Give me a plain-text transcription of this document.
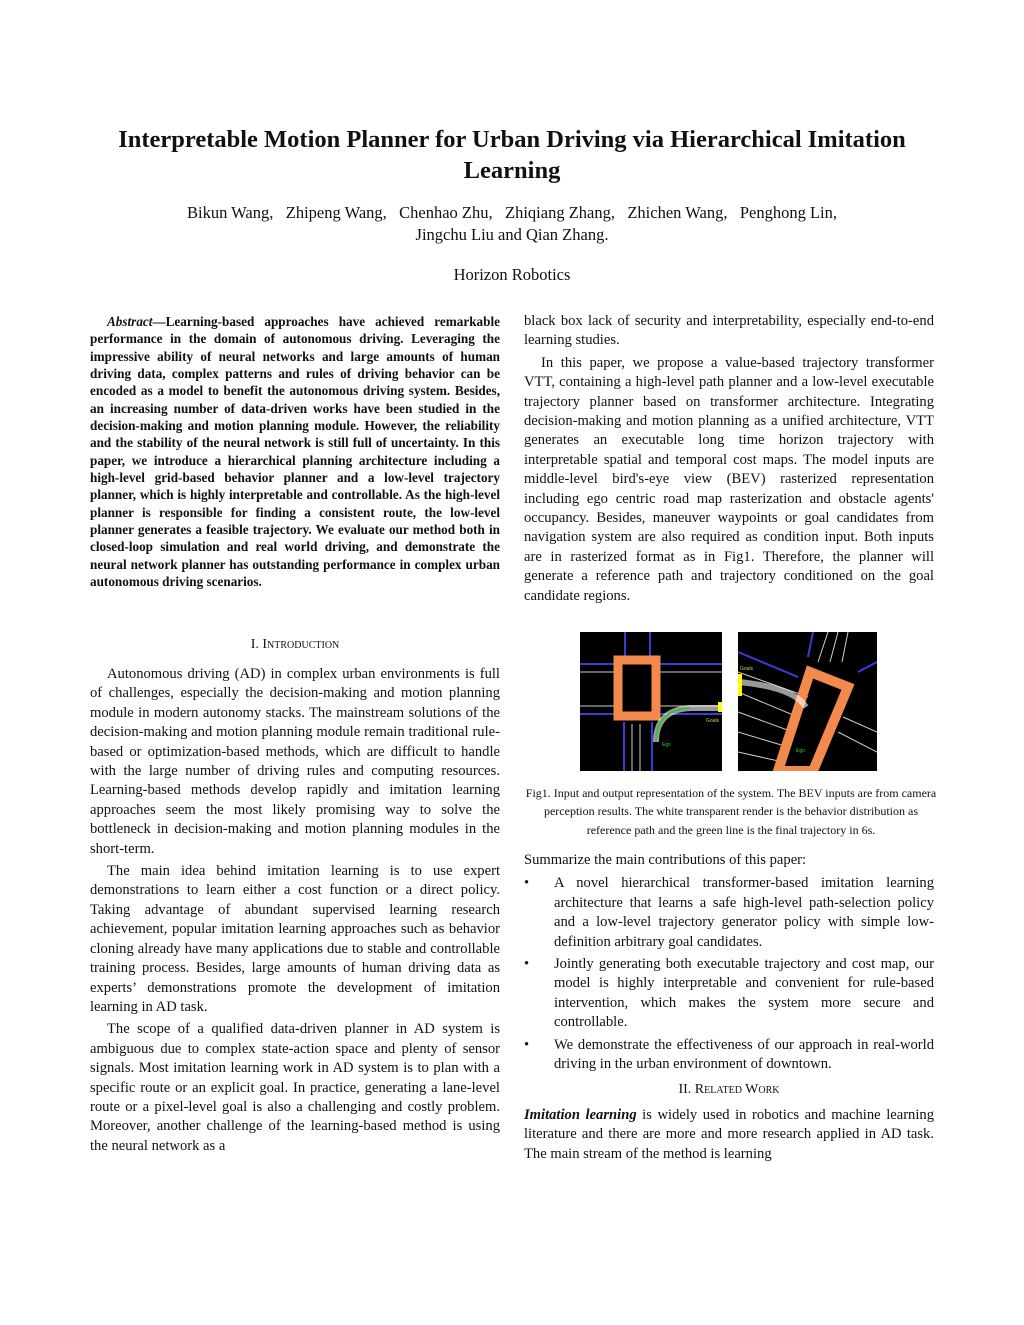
Interpretable Motion Planner for Urban Driving via Hierarchical Imitation Learning
Bikun Wang,   Zhipeng Wang,   Chenhao Zhu,   Zhiqiang Zhang,   Zhichen Wang,   Penghong Lin,
Jingchu Liu and Qian Zhang.
Horizon Robotics
Abstract—Learning-based approaches have achieved remarkable performance in the domain of autonomous driving. Leveraging the impressive ability of neural networks and large amounts of human driving data, complex patterns and rules of driving behavior can be encoded as a model to benefit the autonomous driving system. Besides, an increasing number of data-driven works have been studied in the decision-making and motion planning module. However, the reliability and the stability of the neural network is still full of uncertainty. In this paper, we introduce a hierarchical planning architecture including a high-level grid-based behavior planner and a low-level trajectory planner, which is highly interpretable and controllable. As the high-level planner is responsible for finding a consistent route, the low-level planner generates a feasible trajectory. We evaluate our method both in closed-loop simulation and real world driving, and demonstrate the neural network planner has outstanding performance in complex urban autonomous driving scenarios.
I. Introduction

Autonomous driving (AD) in complex urban environments is full of challenges, especially the decision-making and motion planning module in modern autonomy stacks. The mainstream solutions of the decision-making and motion planning module remain traditional rule-based or optimization-based methods, which are difficult to handle with the large number of driving rules and computing resources. Learning-based methods develop rapidly and imitation learning approaches seem the most likely promising way to solve the bottleneck in decision-making and motion planning modules in the short-term.

The main idea behind imitation learning is to use expert demonstrations to learn either a cost function or a direct policy. Taking advantage of abundant supervised learning research achievement, popular imitation learning approaches such as behavior cloning already have many applications due to stable and controllable training process. Besides, large amounts of human driving data as experts’ demonstrations promote the development of imitation learning in AD task.

The scope of a qualified data-driven planner in AD system is ambiguous due to complex state-action space and plenty of sensor signals. Most imitation learning work in AD system is to plan with a specific route or an explicit goal. In practice, generating a lane-level route or a pixel-level goal is also a challenging and costly problem. Moreover, another challenge of the learning-based method is using the neural network as a

black box lack of security and interpretability, especially end-to-end learning studies.

In this paper, we propose a value-based trajectory transformer VTT, containing a high-level path planner and a low-level executable trajectory planner based on transformer architecture. Integrating decision-making and motion planning as a unified architecture, VTT generates an executable long time horizon trajectory with interpretable spatial and temporal cost maps. The model inputs are middle-level bird's-eye view (BEV) rasterized representation including ego centric road map rasterization and obstacle agents' occupancy. Besides, maneuver waypoints or goal candidates from navigation system are also required as condition input. Both inputs are in rasterized format as in Fig1. Therefore, the planner will generate a reference path and trajectory conditioned on the goal candidate regions.

Goals
Ego
Goals
Ego
Fig1. Input and output representation of the system. The BEV inputs are from camera perception results. The white transparent render is the behavior distribution as reference path and the green line is the final trajectory in 6s.
Summarize the main contributions of this paper:
• A novel hierarchical transformer-based imitation learning architecture that learns a safe high-level path-selection policy and a low-level trajectory generator policy with simple low-definition arbitrary goal candidates.
• Jointly generating both executable trajectory and cost map, our model is highly interpretable and convenient for rule-based intervention, which makes the system more secure and controllable.
• We demonstrate the effectiveness of our approach in real-world driving in the urban environment of downtown.
II. Related Work
Imitation learning is widely used in robotics and machine learning literature and there are more and more research applied in AD task. The main stream of the method is learning
